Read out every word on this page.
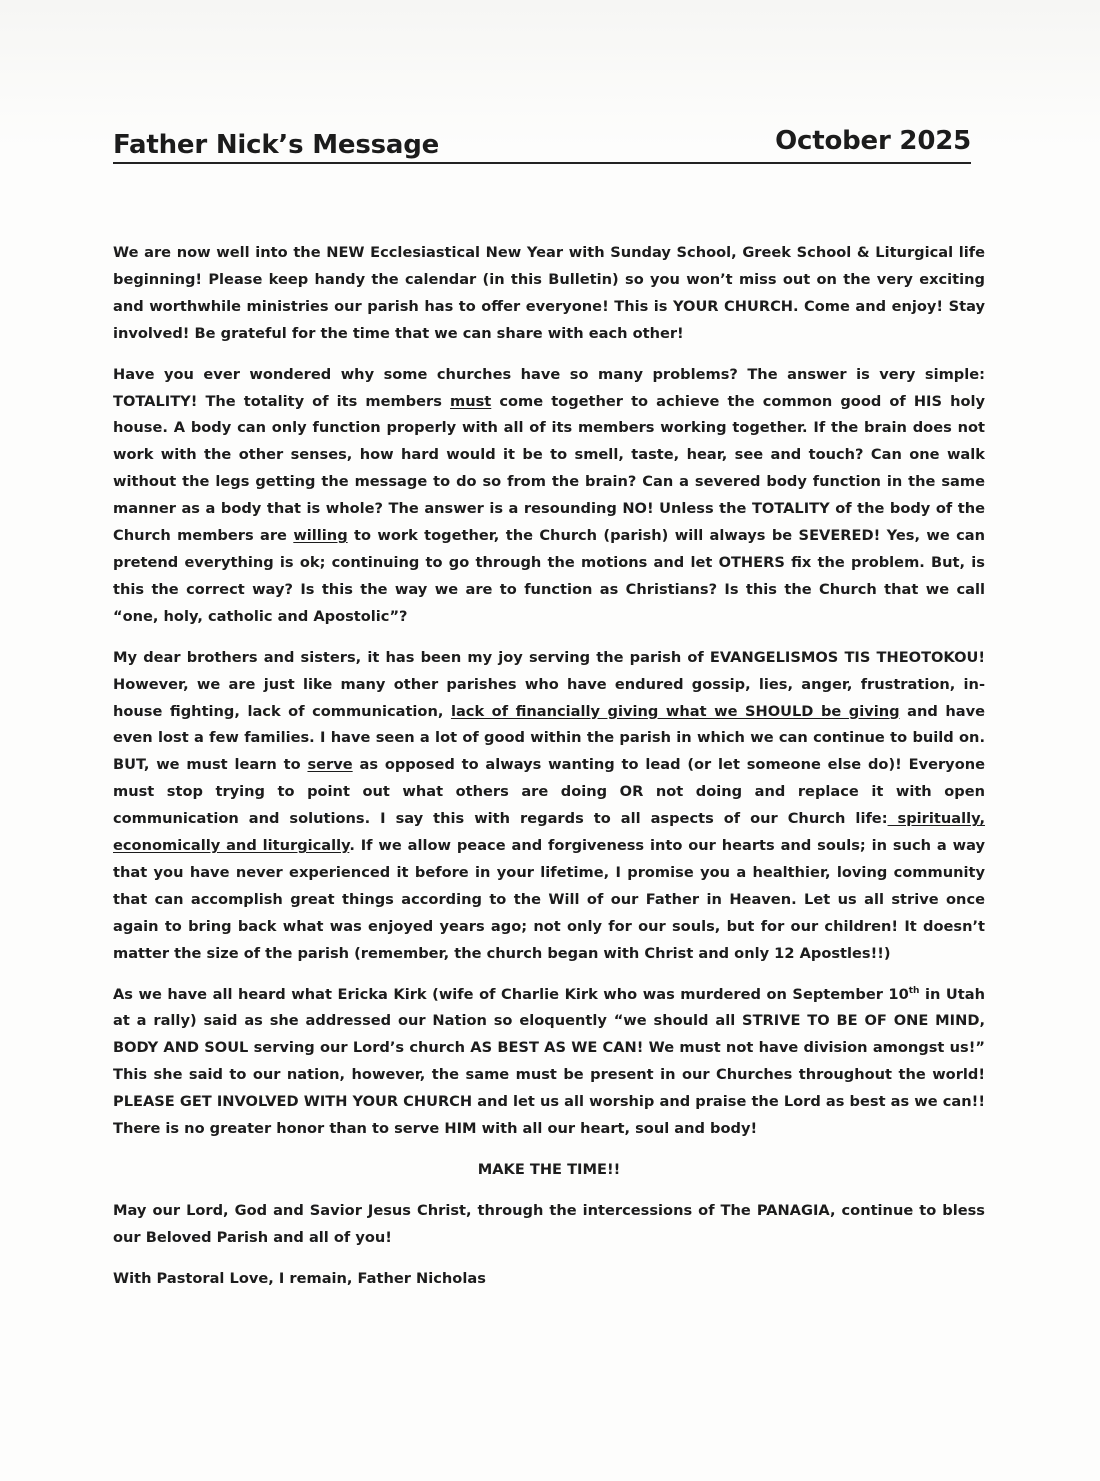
Father Nick’s Message	October 2025

We are now well into the NEW Ecclesiastical New Year with Sunday School, Greek School & Liturgical life beginning! Please keep handy the calendar (in this Bulletin) so you won’t miss out on the very exciting and worthwhile ministries our parish has to offer everyone! This is YOUR CHURCH. Come and enjoy! Stay involved! Be grateful for the time that we can share with each other!

Have you ever wondered why some churches have so many problems? The answer is very simple: TOTALITY! The totality of its members must come together to achieve the common good of HIS holy house. A body can only function properly with all of its members working together. If the brain does not work with the other senses, how hard would it be to smell, taste, hear, see and touch? Can one walk without the legs getting the message to do so from the brain? Can a severed body function in the same manner as a body that is whole? The answer is a resounding NO! Unless the TOTALITY of the body of the Church members are willing to work together, the Church (parish) will always be SEVERED! Yes, we can pretend everything is ok; continuing to go through the motions and let OTHERS fix the problem. But, is this the correct way? Is this the way we are to function as Christians? Is this the Church that we call “one, holy, catholic and Apostolic”?

My dear brothers and sisters, it has been my joy serving the parish of EVANGELISMOS TIS THEOTOKOU! However, we are just like many other parishes who have endured gossip, lies, anger, frustration, in-house fighting, lack of communication, lack of financially giving what we SHOULD be giving and have even lost a few families. I have seen a lot of good within the parish in which we can continue to build on. BUT, we must learn to serve as opposed to always wanting to lead (or let someone else do)! Everyone must stop trying to point out what others are doing OR not doing and replace it with open communication and solutions. I say this with regards to all aspects of our Church life: spiritually, economically and liturgically. If we allow peace and forgiveness into our hearts and souls; in such a way that you have never experienced it before in your lifetime, I promise you a healthier, loving community that can accomplish great things according to the Will of our Father in Heaven. Let us all strive once again to bring back what was enjoyed years ago; not only for our souls, but for our children! It doesn’t matter the size of the parish (remember, the church began with Christ and only 12 Apostles!!)

As we have all heard what Ericka Kirk (wife of Charlie Kirk who was murdered on September 10th in Utah at a rally) said as she addressed our Nation so eloquently “we should all STRIVE TO BE OF ONE MIND, BODY AND SOUL serving our Lord’s church AS BEST AS WE CAN! We must not have division amongst us!” This she said to our nation, however, the same must be present in our Churches throughout the world! PLEASE GET INVOLVED WITH YOUR CHURCH and let us all worship and praise the Lord as best as we can!! There is no greater honor than to serve HIM with all our heart, soul and body!

MAKE THE TIME!!

May our Lord, God and Savior Jesus Christ, through the intercessions of The PANAGIA, continue to bless our Beloved Parish and all of you!

With Pastoral Love, I remain, Father Nicholas
